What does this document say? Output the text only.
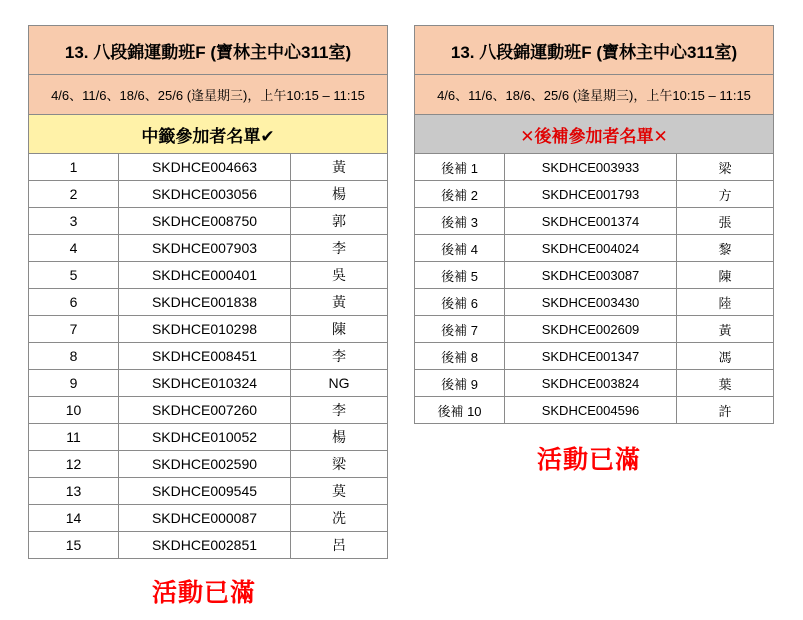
13. 八段錦運動班F (寶林主中心311室)		
4/6、11/6、18/6、25/6 (逢星期三)，上午10:15 – 11:15		
中籤參加者名單✔		
1	SKDHCE004663	黃
2	SKDHCE003056	楊
3	SKDHCE008750	郭
4	SKDHCE007903	李
5	SKDHCE000401	吳
6	SKDHCE001838	黃
7	SKDHCE010298	陳
8	SKDHCE008451	李
9	SKDHCE010324	NG
10	SKDHCE007260	李
11	SKDHCE010052	楊
12	SKDHCE002590	梁
13	SKDHCE009545	莫
14	SKDHCE000087	冼
15	SKDHCE002851	呂
活動已滿
13. 八段錦運動班F (寶林主中心311室)		
4/6、11/6、18/6、25/6 (逢星期三)，上午10:15 – 11:15		
✕後補參加者名單✕		
後補 1	SKDHCE003933	梁
後補 2	SKDHCE001793	方
後補 3	SKDHCE001374	張
後補 4	SKDHCE004024	黎
後補 5	SKDHCE003087	陳
後補 6	SKDHCE003430	陸
後補 7	SKDHCE002609	黃
後補 8	SKDHCE001347	馮
後補 9	SKDHCE003824	葉
後補 10	SKDHCE004596	許
活動已滿
